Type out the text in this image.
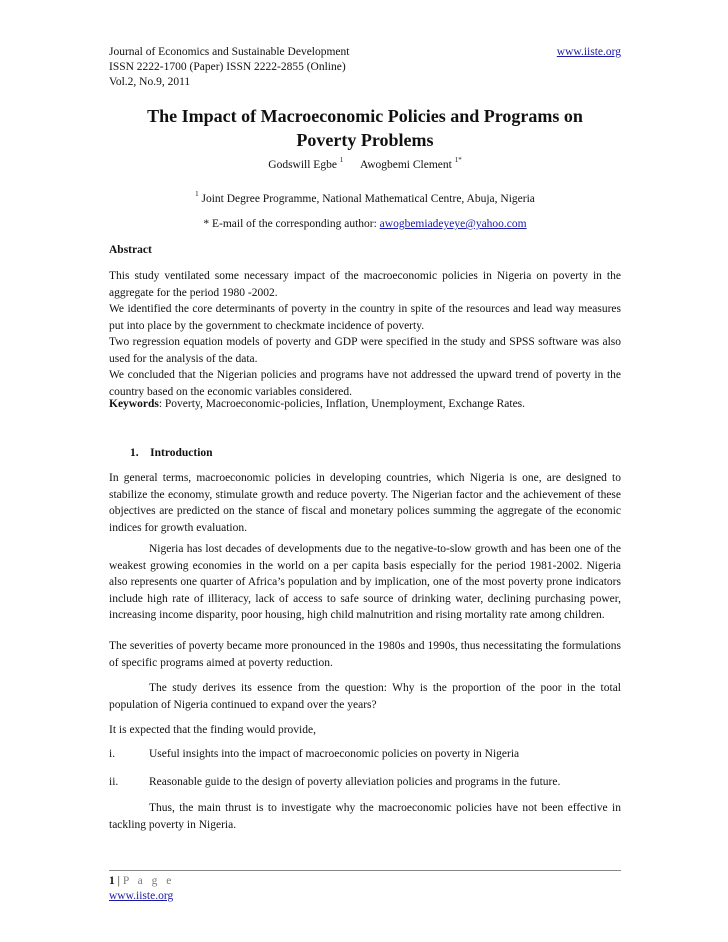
Journal of Economics and Sustainable Development
ISSN 2222-1700 (Paper) ISSN 2222-2855 (Online)
Vol.2, No.9, 2011
www.iiste.org
The Impact of Macroeconomic Policies and Programs on
Poverty Problems
Godswill Egbe $^1$ Awogbemi Clement $^{1*}$
$^1$ Joint Degree Programme, National Mathematical Centre, Abuja, Nigeria
* E-mail of the corresponding author: awogbemiadeyeye@yahoo.com
Abstract
This study ventilated some necessary impact of the macroeconomic policies in Nigeria on poverty in the aggregate for the period 1980 -2002.
We identified the core determinants of poverty in the country in spite of the resources and lead way measures put into place by the government to checkmate incidence of poverty.
Two regression equation models of poverty and GDP were specified in the study and SPSS software was also used for the analysis of the data.
We concluded that the Nigerian policies and programs have not addressed the upward trend of poverty in the country based on the economic variables considered.
Keywords: Poverty, Macroeconomic-policies, Inflation, Unemployment, Exchange Rates.
1. Introduction

In general terms, macroeconomic policies in developing countries, which Nigeria is one, are designed to stabilize the economy, stimulate growth and reduce poverty. The Nigerian factor and the achievement of these objectives are predicted on the stance of fiscal and monetary polices summing the aggregate of the economic indices for growth evaluation.

Nigeria has lost decades of developments due to the negative-to-slow growth and has been one of the weakest growing economies in the world on a per capita basis especially for the period 1981-2002. Nigeria also represents one quarter of Africa’s population and by implication, one of the most poverty prone indicators include high rate of illiteracy, lack of access to safe source of drinking water, declining purchasing power, increasing income disparity, poor housing, high child malnutrition and rising mortality rate among children.

The severities of poverty became more pronounced in the 1980s and 1990s, thus necessitating the formulations of specific programs aimed at poverty reduction.

The study derives its essence from the question: Why is the proportion of the poor in the total population of Nigeria continued to expand over the years?

It is expected that the finding would provide,

i.	Useful insights into the impact of macroeconomic policies on poverty in Nigeria
ii.	Reasonable guide to the design of poverty alleviation policies and programs in the future.

Thus, the main thrust is to investigate why the macroeconomic policies have not been effective in tackling poverty in Nigeria.

1 | P a g e
www.iiste.org
